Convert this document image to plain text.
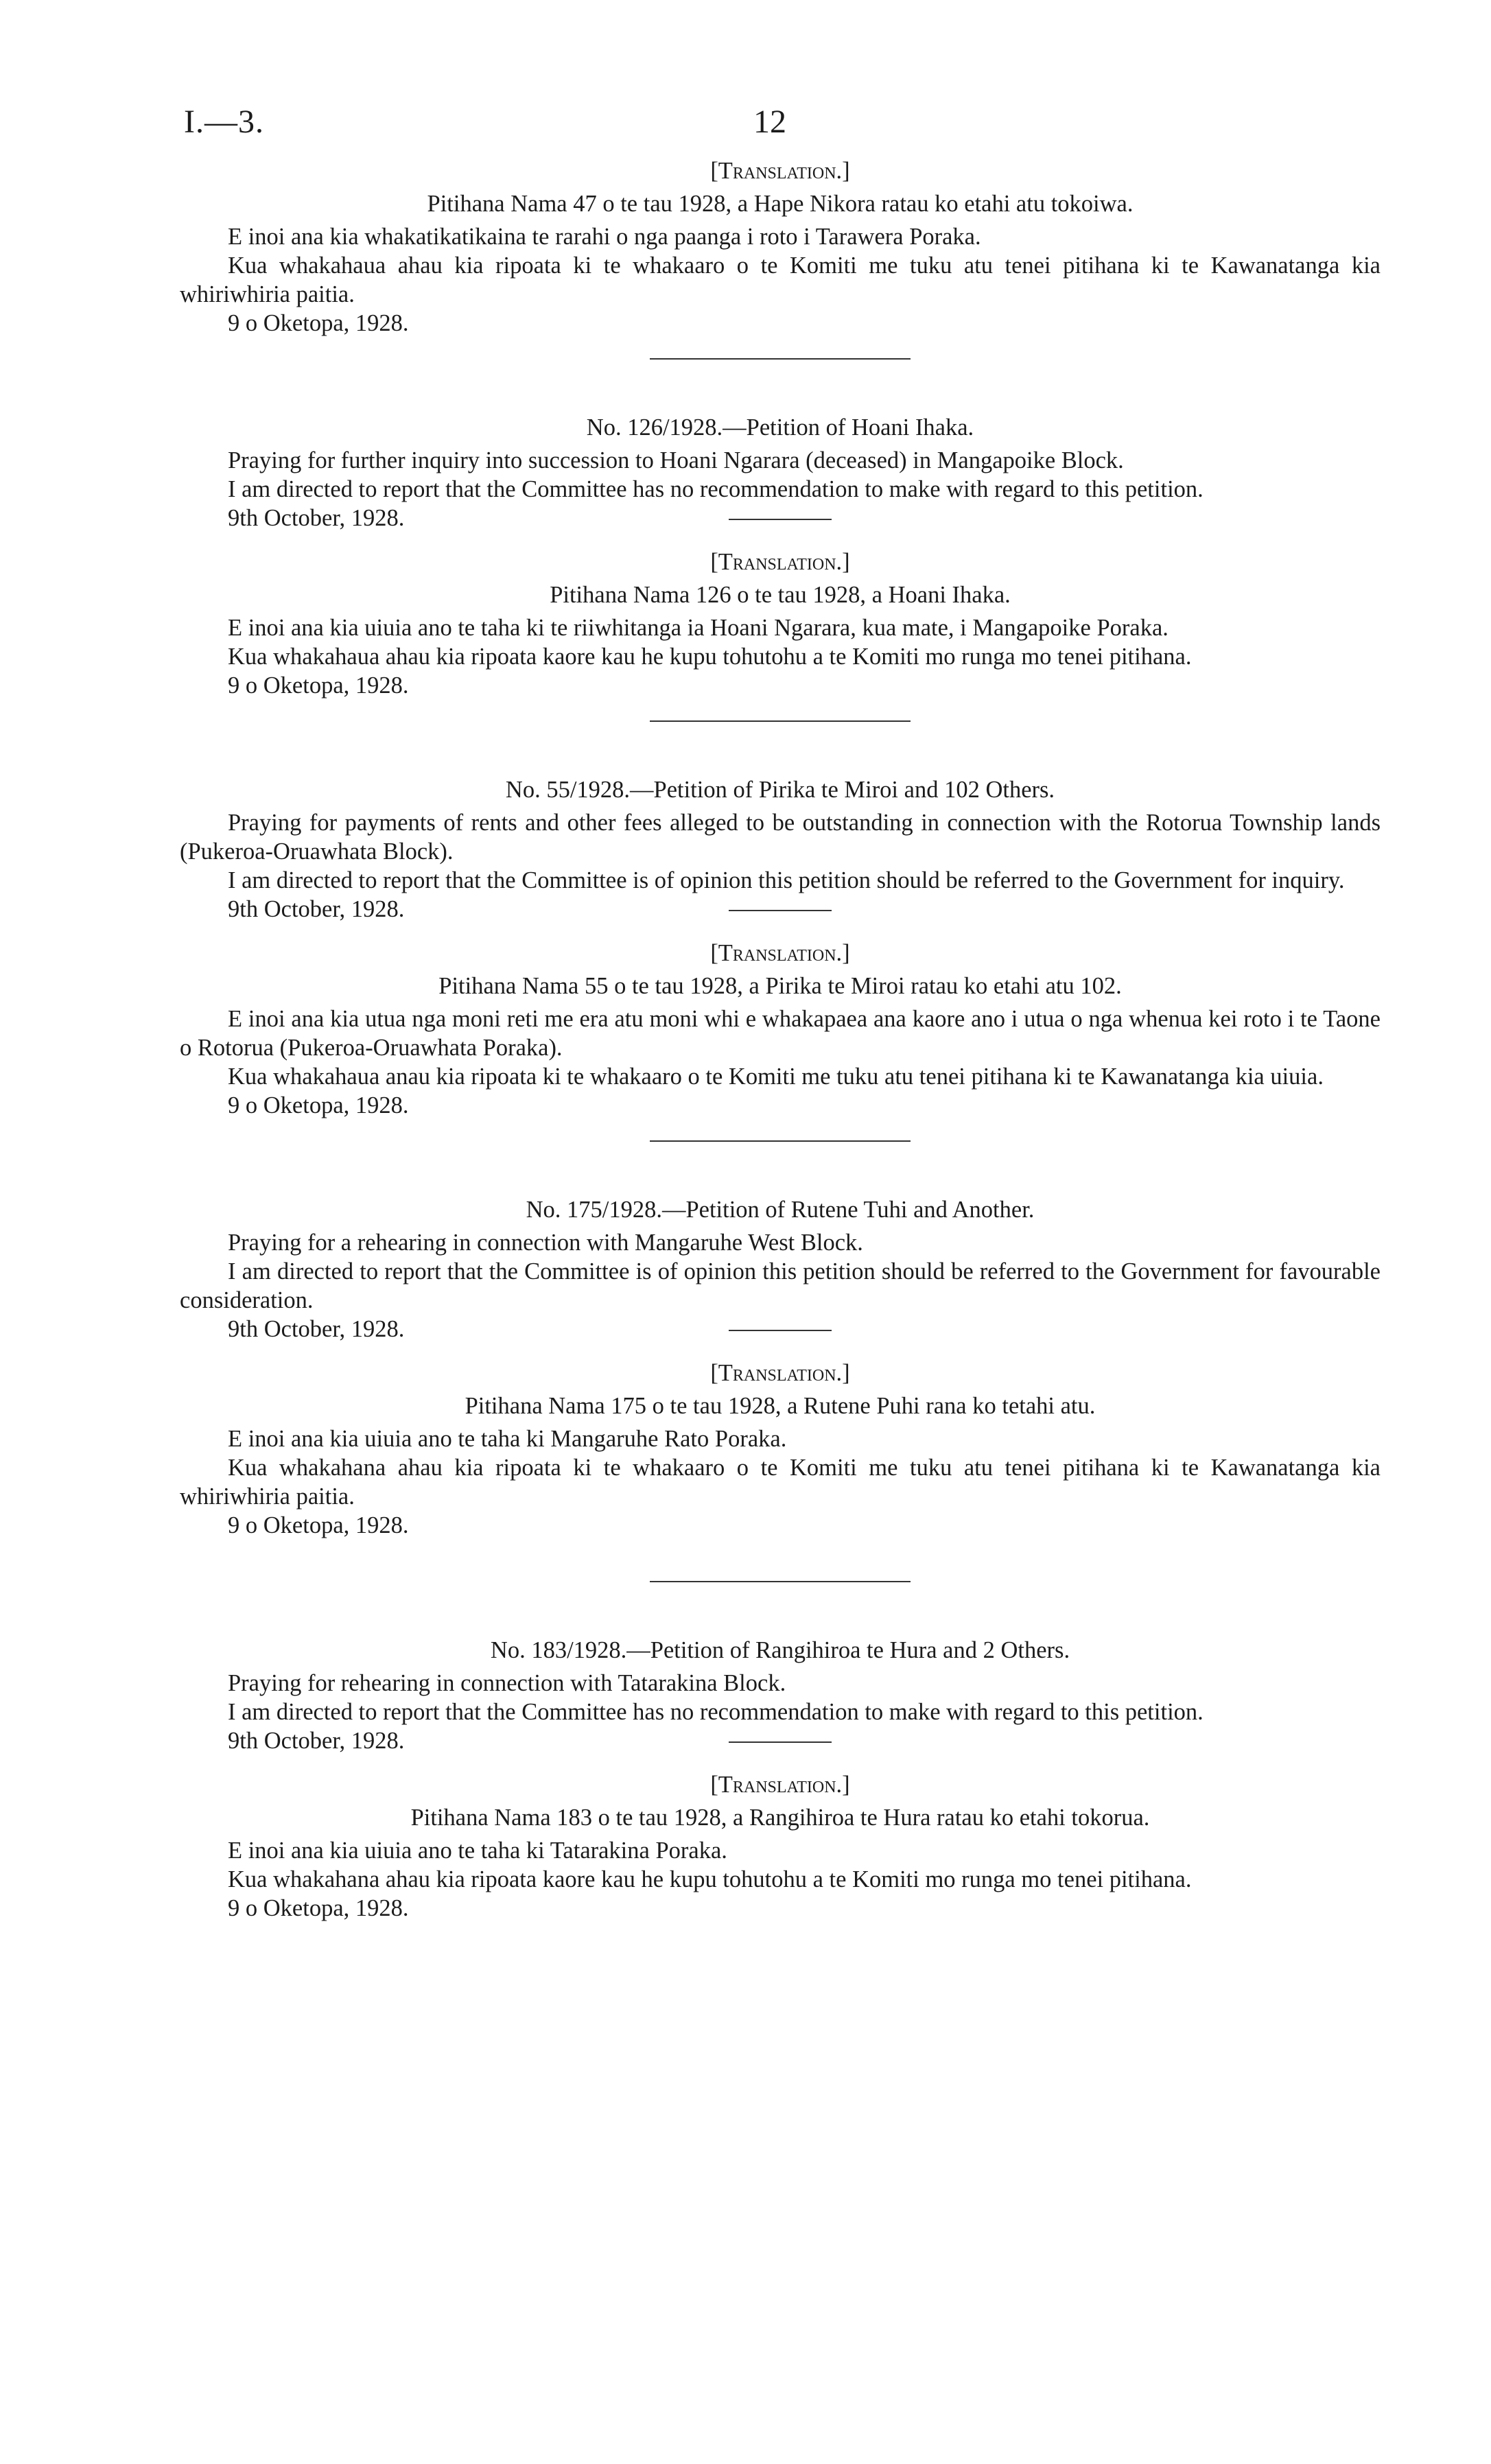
I.—3.	12
[Translation.]
Pitihana Nama 47 o te tau 1928, a Hape Nikora ratau ko etahi atu tokoiwa.
E inoi ana kia whakatikatikaina te rarahi o nga paanga i roto i Tarawera Poraka.
Kua whakahaua ahau kia ripoata ki te whakaaro o te Komiti me tuku atu tenei pitihana ki te Kawanatanga kia whiriwhiria paitia.
9 o Oketopa, 1928.
No. 126/1928.—Petition of Hoani Ihaka.
Praying for further inquiry into succession to Hoani Ngarara (deceased) in Mangapoike Block.
I am directed to report that the Committee has no recommendation to make with regard to this petition.
9th October, 1928.
[Translation.]
Pitihana Nama 126 o te tau 1928, a Hoani Ihaka.
E inoi ana kia uiuia ano te taha ki te riiwhitanga ia Hoani Ngarara, kua mate, i Mangapoike Poraka.
Kua whakahaua ahau kia ripoata kaore kau he kupu tohutohu a te Komiti mo runga mo tenei pitihana.
9 o Oketopa, 1928.
No. 55/1928.—Petition of Pirika te Miroi and 102 Others.
Praying for payments of rents and other fees alleged to be outstanding in connection with the Rotorua Township lands (Pukeroa-Oruawhata Block).
I am directed to report that the Committee is of opinion this petition should be referred to the Government for inquiry.
9th October, 1928.
[Translation.]
Pitihana Nama 55 o te tau 1928, a Pirika te Miroi ratau ko etahi atu 102.
E inoi ana kia utua nga moni reti me era atu moni whi e whakapaea ana kaore ano i utua o nga whenua kei roto i te Taone o Rotorua (Pukeroa-Oruawhata Poraka).
Kua whakahaua anau kia ripoata ki te whakaaro o te Komiti me tuku atu tenei pitihana ki te Kawanatanga kia uiuia.
9 o Oketopa, 1928.
No. 175/1928.—Petition of Rutene Tuhi and Another.
Praying for a rehearing in connection with Mangaruhe West Block.
I am directed to report that the Committee is of opinion this petition should be referred to the Government for favourable consideration.
9th October, 1928.
[Translation.]
Pitihana Nama 175 o te tau 1928, a Rutene Puhi rana ko tetahi atu.
E inoi ana kia uiuia ano te taha ki Mangaruhe Rato Poraka.
Kua whakahana ahau kia ripoata ki te whakaaro o te Komiti me tuku atu tenei pitihana ki te Kawanatanga kia whiriwhiria paitia.
9 o Oketopa, 1928.
No. 183/1928.—Petition of Rangihiroa te Hura and 2 Others.
Praying for rehearing in connection with Tatarakina Block.
I am directed to report that the Committee has no recommendation to make with regard to this petition.
9th October, 1928.
[Translation.]
Pitihana Nama 183 o te tau 1928, a Rangihiroa te Hura ratau ko etahi tokorua.
E inoi ana kia uiuia ano te taha ki Tatarakina Poraka.
Kua whakahana ahau kia ripoata kaore kau he kupu tohutohu a te Komiti mo runga mo tenei pitihana.
9 o Oketopa, 1928.
